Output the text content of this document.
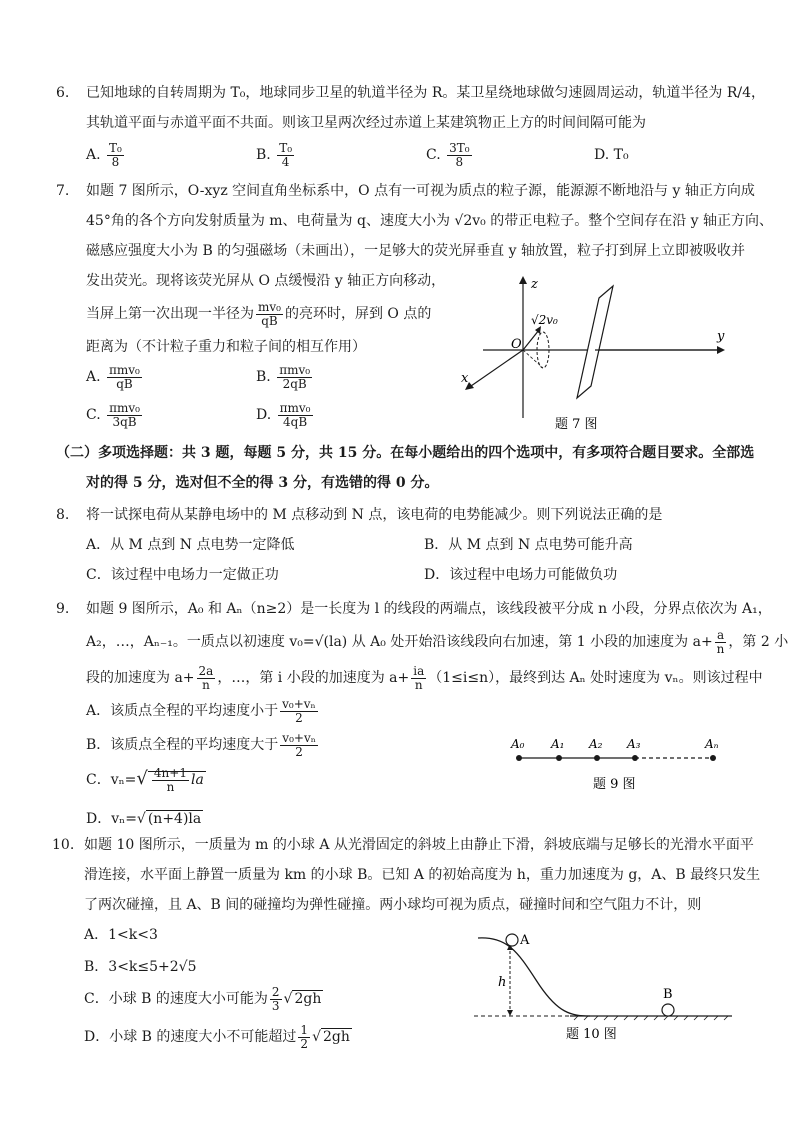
6. 已知地球的自转周期为 T₀，地球同步卫星的轨道半径为 R。某卫星绕地球做匀速圆周运动，轨道半径为 R/4，
其轨道平面与赤道平面不共面。则该卫星两次经过赤道上某建筑物正上方的时间间隔可能为
A. $\frac{\text{T₀}}{8}$	B. $\frac{\text{T₀}}{4}$	C. $\frac{\text{3T₀}}{8}$	D. T₀
7. 如题 7 图所示，O-xyz 空间直角坐标系中，O 点有一可视为质点的粒子源，能源源不断地沿与 y 轴正方向成
45°角的各个方向发射质量为 m、电荷量为 q、速度大小为 √2v₀ 的带正电粒子。整个空间存在沿 y 轴正方向、
磁感应强度大小为 B 的匀强磁场（未画出），一足够大的荧光屏垂直 y 轴放置，粒子打到屏上立即被吸收并
发出荧光。现将该荧光屏从 O 点缓慢沿 y 轴正方向移动，
当屏上第一次出现一半径为 $\frac{\text{mv₀}}{qB}$ 的亮环时，屏到 O 点的
距离为（不计粒子重力和粒子间的相互作用）
A. $\frac{\text{πmv₀}}{qB}$	B. $\frac{\text{πmv₀}}{2qB}$
C. $\frac{\text{πmv₀}}{3qB}$	D. $\frac{\text{πmv₀}}{4qB}$
z
y
x
O
√2v₀
题 7 图
（二）多项选择题：共 3 题，每题 5 分，共 15 分。在每小题给出的四个选项中，有多项符合题目要求。全部选
对的得 5 分，选对但不全的得 3 分，有选错的得 0 分。
8. 将一试探电荷从某静电场中的 M 点移动到 N 点，该电荷的电势能减少。则下列说法正确的是
A．从 M 点到 N 点电势一定降低	B．从 M 点到 N 点电势可能升高
C．该过程中电场力一定做正功	D．该过程中电场力可能做负功
9. 如题 9 图所示，A₀ 和 Aₙ（n≥2）是一长度为 l 的线段的两端点，该线段被平分成 n 小段，分界点依次为 A₁，
A₂，…，Aₙ₋₁。一质点以初速度 v₀=√(la) 从 A₀ 处开始沿该线段向右加速，第 1 小段的加速度为 $a+ \frac{a}{n}$ ，第 2 小
段的加速度为 $a+ \frac{2a}{n}$ ，…，第 i 小段的加速度为 $a+ \frac{ia}{n} (1\le i\le n)$，最终到达 Aₙ 处时速度为 vₙ。则该过程中
A．该质点全程的平均速度小于 $\frac{\text{v₀+vₙ}}{2}$
B．该质点全程的平均速度大于 $\frac{\text{v₀+vₙ}}{2}$
C．$v_n=√ \frac{4n+1}{n}$ la
D．vₙ=√ (n+4)la
A₀ A₁ A₂ A₃	Aₙ
题 9 图
10. 如题 10 图所示，一质量为 m 的小球 A 从光滑固定的斜坡上由静止下滑，斜坡底端与足够长的光滑水平面平
滑连接，水平面上静置一质量为 km 的小球 B。已知 A 的初始高度为 h，重力加速度为 g，A、B 最终只发生
了两次碰撞，且 A、B 间的碰撞均为弹性碰撞。两小球均可视为质点，碰撞时间和空气阻力不计，则
A．1<k<3
B．3<k≤5+2√5
C．小球 B 的速度大小可能为 $\frac{2}{3}$ √ 2gh
D．小球 B 的速度大小不可能超过 $\frac{1}{2}$ √ 2gh
A
B
h
题 10 图
